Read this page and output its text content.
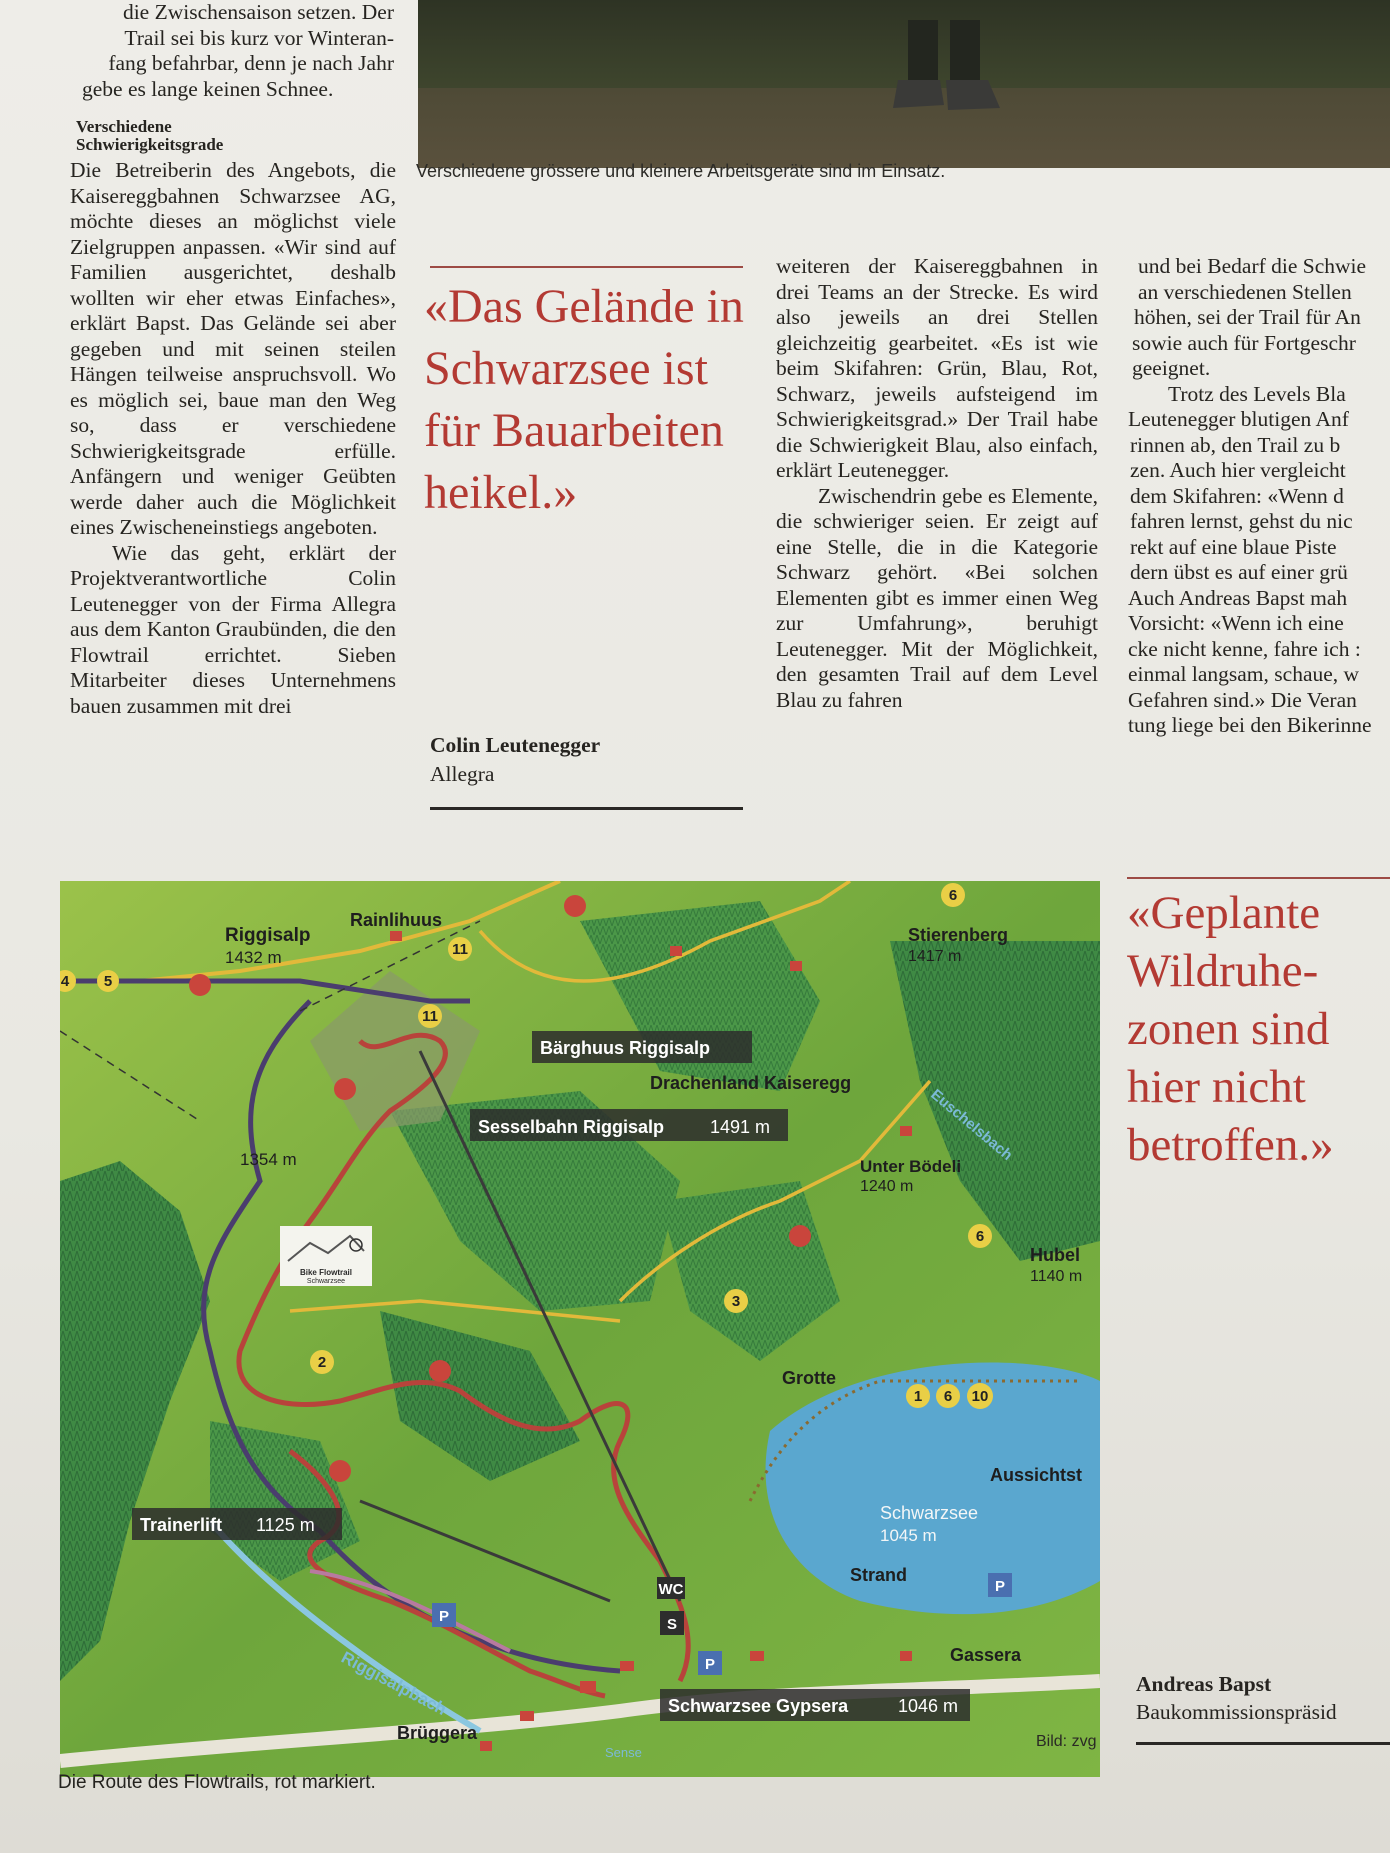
Verschiedene grössere und kleinere Arbeitsgeräte sind im Einsatz.

die Zwischensaison setzen. Der

Trail sei bis kurz vor Winteran-

fang befahrbar, denn je nach Jahr

gebe es lange keinen Schnee.

Verschiedene Schwierigkeitsgrade

Die Betreiberin des Angebots, die Kaisereggbahnen Schwarzsee AG, möchte dieses an möglichst viele Zielgruppen anpassen. «Wir sind auf Familien ausgerichtet, deshalb wollten wir eher etwas Einfaches», erklärt Bapst. Das Gelände sei aber gegeben und mit seinen steilen Hängen teilweise anspruchsvoll. Wo es möglich sei, baue man den Weg so, dass er verschiedene Schwierigkeitsgrade erfülle. Anfängern und weniger Geübten werde daher auch die Möglichkeit eines Zwischeneinstiegs angeboten.

Wie das geht, erklärt der Projektverantwortliche Colin Leutenegger von der Firma Allegra aus dem Kanton Graubünden, die den Flowtrail errichtet. Sieben Mitarbeiter dieses Unternehmens bauen zusammen mit drei

«Das Gelände in Schwarzsee ist für Bauarbeiten heikel.»
Colin Leutenegger
Allegra

weiteren der Kaisereggbahnen in drei Teams an der Strecke. Es wird also jeweils an drei Stellen gleichzeitig gearbeitet. «Es ist wie beim Skifahren: Grün, Blau, Rot, Schwarz, jeweils aufsteigend im Schwierigkeitsgrad.» Der Trail habe die Schwierigkeit Blau, also einfach, erklärt Leutenegger.

Zwischendrin gebe es Elemente, die schwieriger seien. Er zeigt auf eine Stelle, die in die Kategorie Schwarz gehört. «Bei solchen Elementen gibt es immer einen Weg zur Umfahrung», beruhigt Leutenegger. Mit der Möglichkeit, den gesamten Trail auf dem Level Blau zu fahren

und bei Bedarf die Schwie
an verschiedenen Stellen
höhen, sei der Trail für An
sowie auch für Fortgeschr
geeignet.
Trotz des Levels Bla
Leutenegger blutigen Anf
rinnen ab, den Trail zu b
zen. Auch hier vergleicht
dem Skifahren: «Wenn d
fahren lernst, gehst du nic
rekt auf eine blaue Piste
dern übst es auf einer grü
Auch Andreas Bapst mah
Vorsicht: «Wenn ich eine
cke nicht kenne, fahre ich :
einmal langsam, schaue, w
Gefahren sind.» Die Veran
tung liege bei den Bikerinne
«Geplante Wildruhe-zonen sind hier nicht betroffen.»
Andreas Bapst
Baukommissionspräsid
11
11
2
3
6
6
1 6 10
4 5
Riggisalp
1432 m
Rainlihuus
Stierenberg
1417 m
1354 m	Unter Bödeli
1240 m
Hubel
1140 m
Grotte
Aussichtst
Schwarzsee
1045 m
Strand
Gassera
Brüggera
Riggisalpbach
Euschelsbach
Sense
Bärghuus Riggisalp
Drachenland Kaiseregg
Sesselbahn Riggisalp	1491 m
Trainerlift 1125 m
Schwarzsee Gypsera	1046 m
WC
S
P
P
P
Bike Flowtrail
Schwarzsee
Bild: zvg
Die Route des Flowtrails, rot markiert.
